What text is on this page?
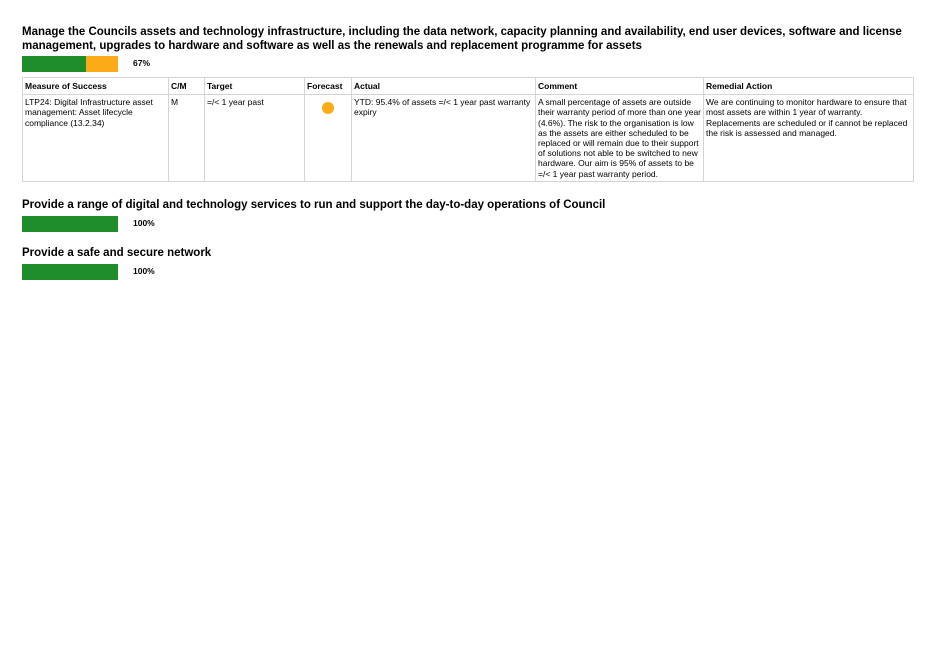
Manage the Councils assets and technology infrastructure, including the data network, capacity planning and availability, end user devices, software and license management, upgrades to hardware and software as well as the renewals and replacement programme for assets

67%
Measure of Success	C/M	Target	Forecast	Actual	Comment	Remedial Action
LTP24: Digital Infrastructure asset management: Asset lifecycle compliance (13.2.34)	M	=/< 1 year past		YTD: 95.4% of assets =/< 1 year past warranty expiry	A small percentage of assets are outside their warranty period of more than one year (4.6%). The risk to the organisation is low as the assets are either scheduled to be replaced or will remain due to their support of solutions not able to be switched to new hardware. Our aim is 95% of assets to be =/< 1 year past warranty period.	We are continuing to monitor hardware to ensure that most assets are within 1 year of warranty. Replacements are scheduled or if cannot be replaced the risk is assessed and managed.

Provide a range of digital and technology services to run and support the day-to-day operations of Council

100%

Provide a safe and secure network

100%
